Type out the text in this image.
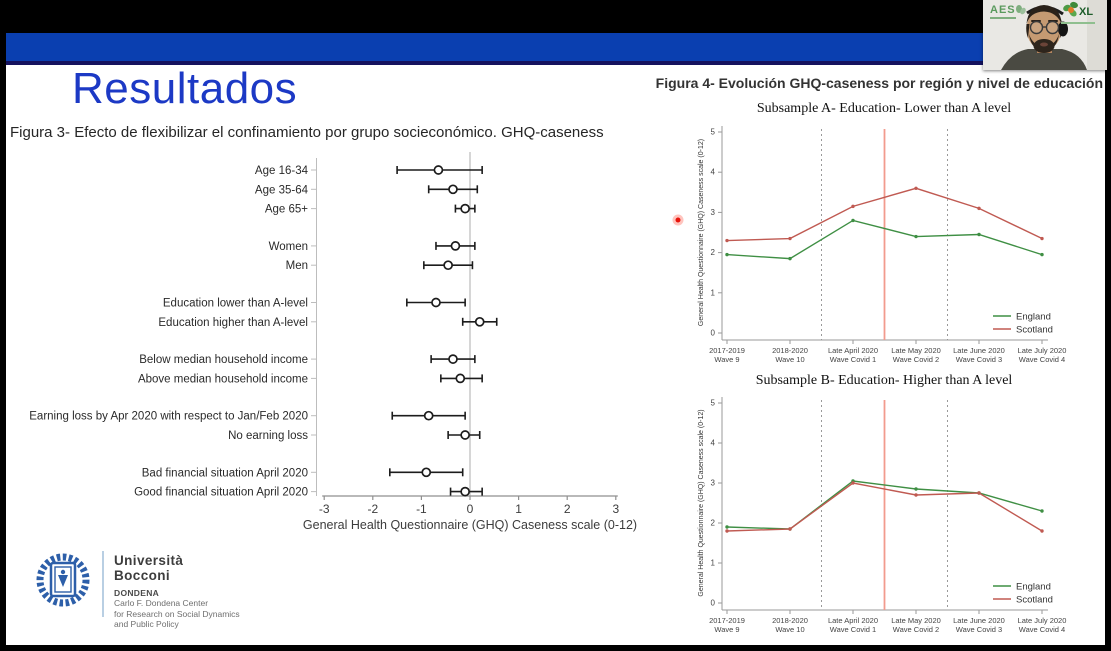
Resultados
Figura 3- Efecto de flexibilizar el confinamiento por grupo socieconómico. GHQ-caseness
Figura 4- Evolución GHQ-caseness por región y nivel de educación
-3	-2	-1	0	1	2	3
General Health Questionnaire (GHQ) Caseness scale (0-12)
Age 16-34
Age 35-64
Age 65+
Women
Men
Education lower than A-level
Education higher than A-level
Below median household income
Above median household income
Earning loss by Apr 2020 with respect to Jan/Feb 2020
No earning loss
Bad financial situation April 2020
Good financial situation April 2020
Subsample A- Education- Lower than A level
0
1
2
3
4
5
General Health Questionnaire (GHQ) Caseness scale (0-12)
2017-2019
Wave 9
2018-2020
Wave 10
Late April 2020
Wave Covid 1
Late May 2020
Wave Covid 2
Late June 2020
Wave Covid 3
Late July 2020
Wave Covid 4
England
Scotland
Subsample B- Education- Higher than A level
0
1
2
3
4
5
General Health Questionnaire (GHQ) Caseness scale (0-12)
2017-2019
Wave 9
2018-2020
Wave 10
Late April 2020
Wave Covid 1
Late May 2020
Wave Covid 2
Late June 2020
Wave Covid 3
Late July 2020
Wave Covid 4
England
Scotland
Università
Bocconi
DONDENA
Carlo F. Dondena Center
for Research on Social Dynamics
and Public Policy
AES	XL
